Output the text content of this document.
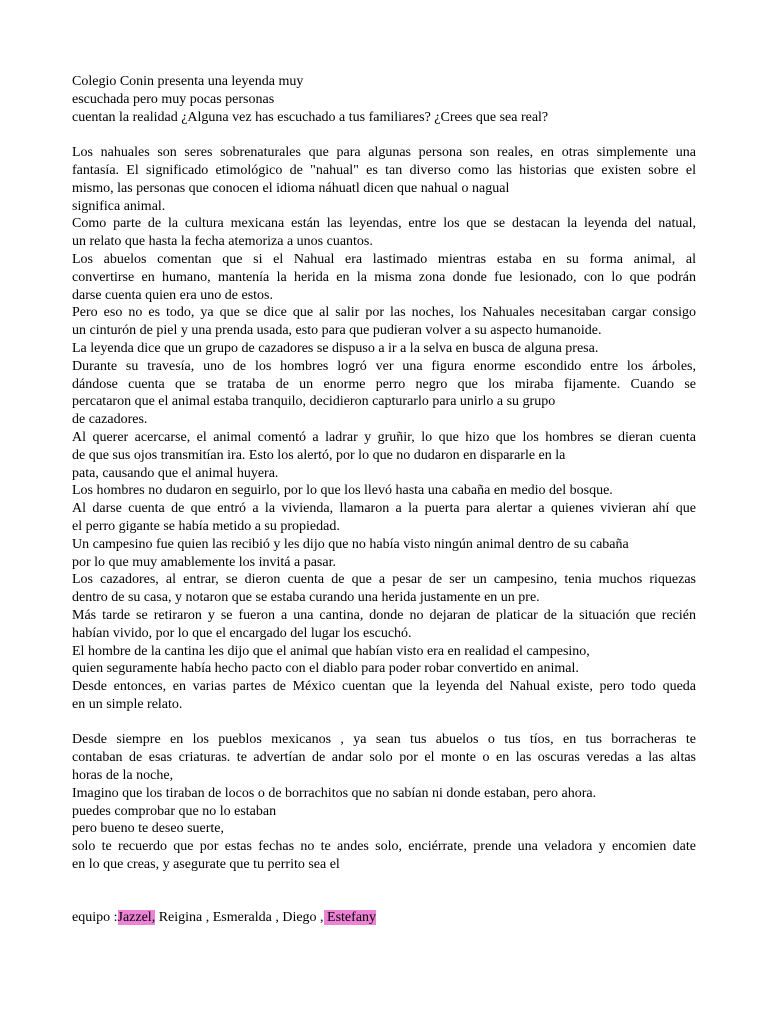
Colegio Conin presenta una leyenda muy
escuchada pero muy pocas personas
cuentan la realidad ¿Alguna vez has escuchado a tus familiares? ¿Crees que sea real?
Los nahuales son seres sobrenaturales que para algunas persona son reales, en otras simplemente una
fantasía. El significado etimológico de "nahual" es tan diverso como las historias que existen sobre el
mismo, las personas que conocen el idioma náhuatl dicen que nahual o nagual
significa animal.
Como parte de la cultura mexicana están las leyendas, entre los que se destacan la leyenda del natual,
un relato que hasta la fecha atemoriza a unos cuantos.
Los abuelos comentan que si el Nahual era lastimado mientras estaba en su forma animal, al
convertirse en humano, mantenía la herida en la misma zona donde fue lesionado, con lo que podrán
darse cuenta quien era uno de estos.
Pero eso no es todo, ya que se dice que al salir por las noches, los Nahuales necesitaban cargar consigo
un cinturón de piel y una prenda usada, esto para que pudieran volver a su aspecto humanoide.
La leyenda dice que un grupo de cazadores se dispuso a ir a la selva en busca de alguna presa.
Durante su travesía, uno de los hombres logró ver una figura enorme escondido entre los árboles,
dándose cuenta que se trataba de un enorme perro negro que los miraba fijamente. Cuando se
percataron que el animal estaba tranquilo, decidieron capturarlo para unirlo a su grupo
de cazadores.
Al querer acercarse, el animal comentó a ladrar y gruñir, lo que hizo que los hombres se dieran cuenta
de que sus ojos transmitían ira. Esto los alertó, por lo que no dudaron en dispararle en la
pata, causando que el animal huyera.
Los hombres no dudaron en seguirlo, por lo que los llevó hasta una cabaña en medio del bosque.
Al darse cuenta de que entró a la vivienda, llamaron a la puerta para alertar a quienes vivieran ahí que
el perro gigante se había metido a su propiedad.
Un campesino fue quien las recibió y les dijo que no había visto ningún animal dentro de su cabaña
por lo que muy amablemente los invitá a pasar.
Los cazadores, al entrar, se dieron cuenta de que a pesar de ser un campesino, tenia muchos riquezas
dentro de su casa, y notaron que se estaba curando una herida justamente en un pre.
Más tarde se retiraron y se fueron a una cantina, donde no dejaran de platicar de la situación que recién
habían vivido, por lo que el encargado del lugar los escuchó.
El hombre de la cantina les dijo que el animal que habían visto era en realidad el campesino,
quien seguramente había hecho pacto con el diablo para poder robar convertido en animal.
Desde entonces, en varias partes de México cuentan que la leyenda del Nahual existe, pero todo queda
en un simple relato.
Desde siempre en los pueblos mexicanos , ya sean tus abuelos o tus tíos, en tus borracheras te
contaban de esas criaturas. te advertían de andar solo por el monte o en las oscuras veredas a las altas
horas de la noche,
Imagino que los tiraban de locos o de borrachitos que no sabían ni donde estaban, pero ahora.
puedes comprobar que no lo estaban
pero bueno te deseo suerte,
solo te recuerdo que por estas fechas no te andes solo, enciérrate, prende una veladora y encomien date
en lo que creas, y asegurate que tu perrito sea el
equipo :Jazzel, Reigina , Esmeralda , Diego , Estefany
